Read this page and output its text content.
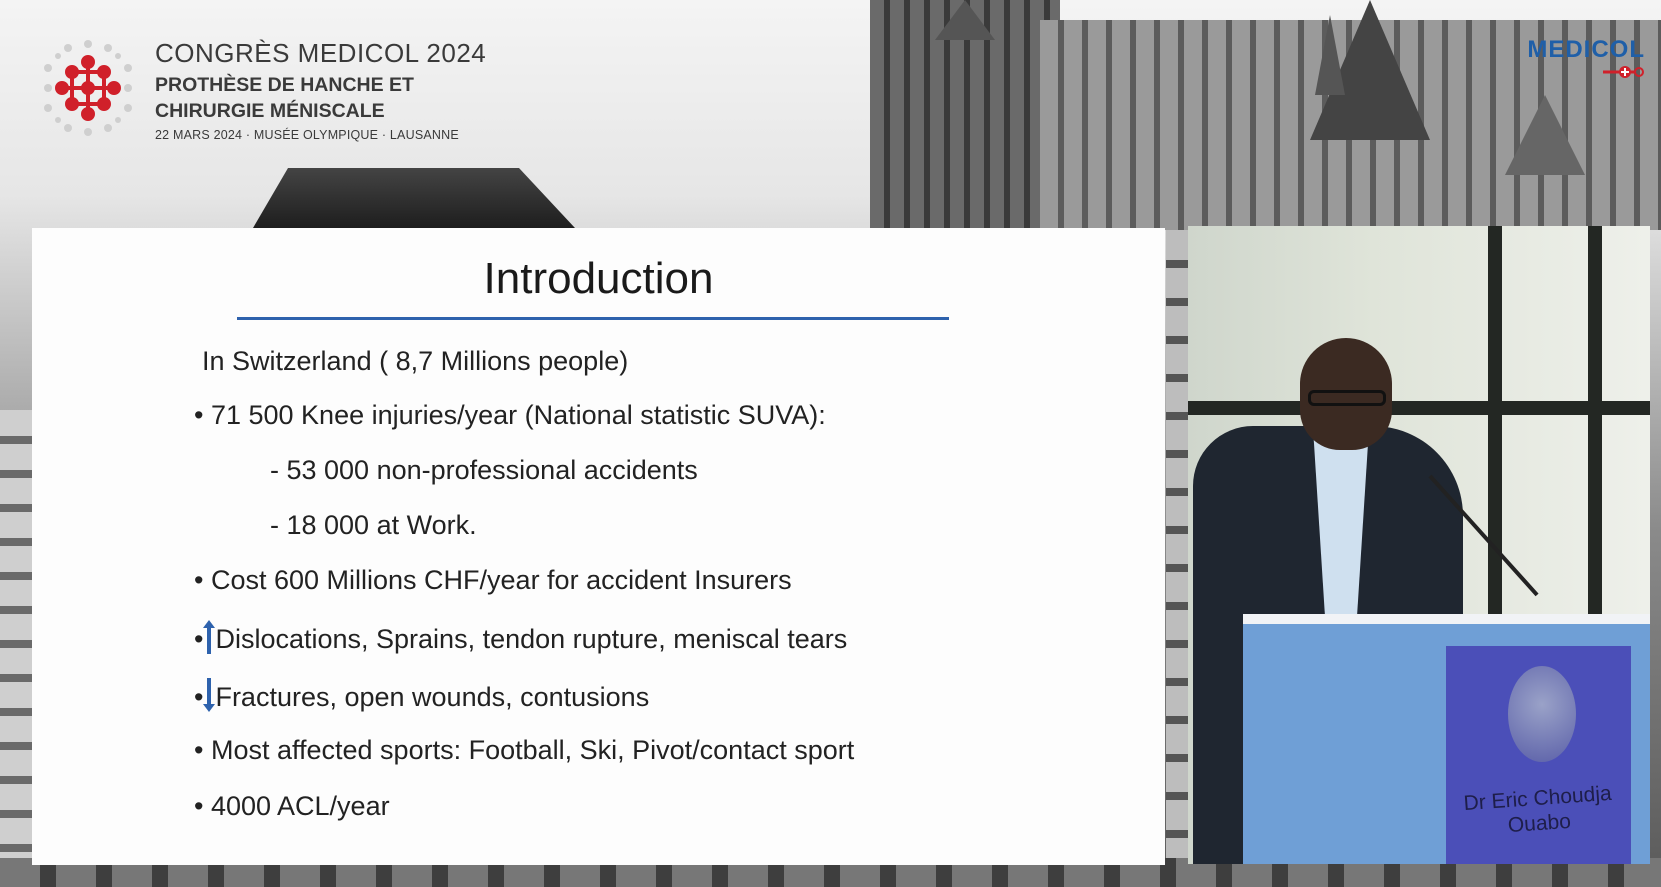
CONGRÈS MEDICOL 2024
PROTHÈSE DE HANCHE ET
CHIRURGIE MÉNISCALE
22 MARS 2024 · MUSÉE OLYMPIQUE · LAUSANNE
MEDICOL
Introduction
In Switzerland ( 8,7 Millions people)
• 71 500 Knee injuries/year (National statistic SUVA):
- 53 000 non-professional accidents
- 18 000 at Work.
• Cost 600 Millions CHF/year for accident Insurers
• Dislocations, Sprains, tendon rupture, meniscal tears
• Fractures, open wounds, contusions
• Most affected sports: Football, Ski, Pivot/contact sport
• 4000 ACL/year	Dr Eric Choudja
Ouabo
